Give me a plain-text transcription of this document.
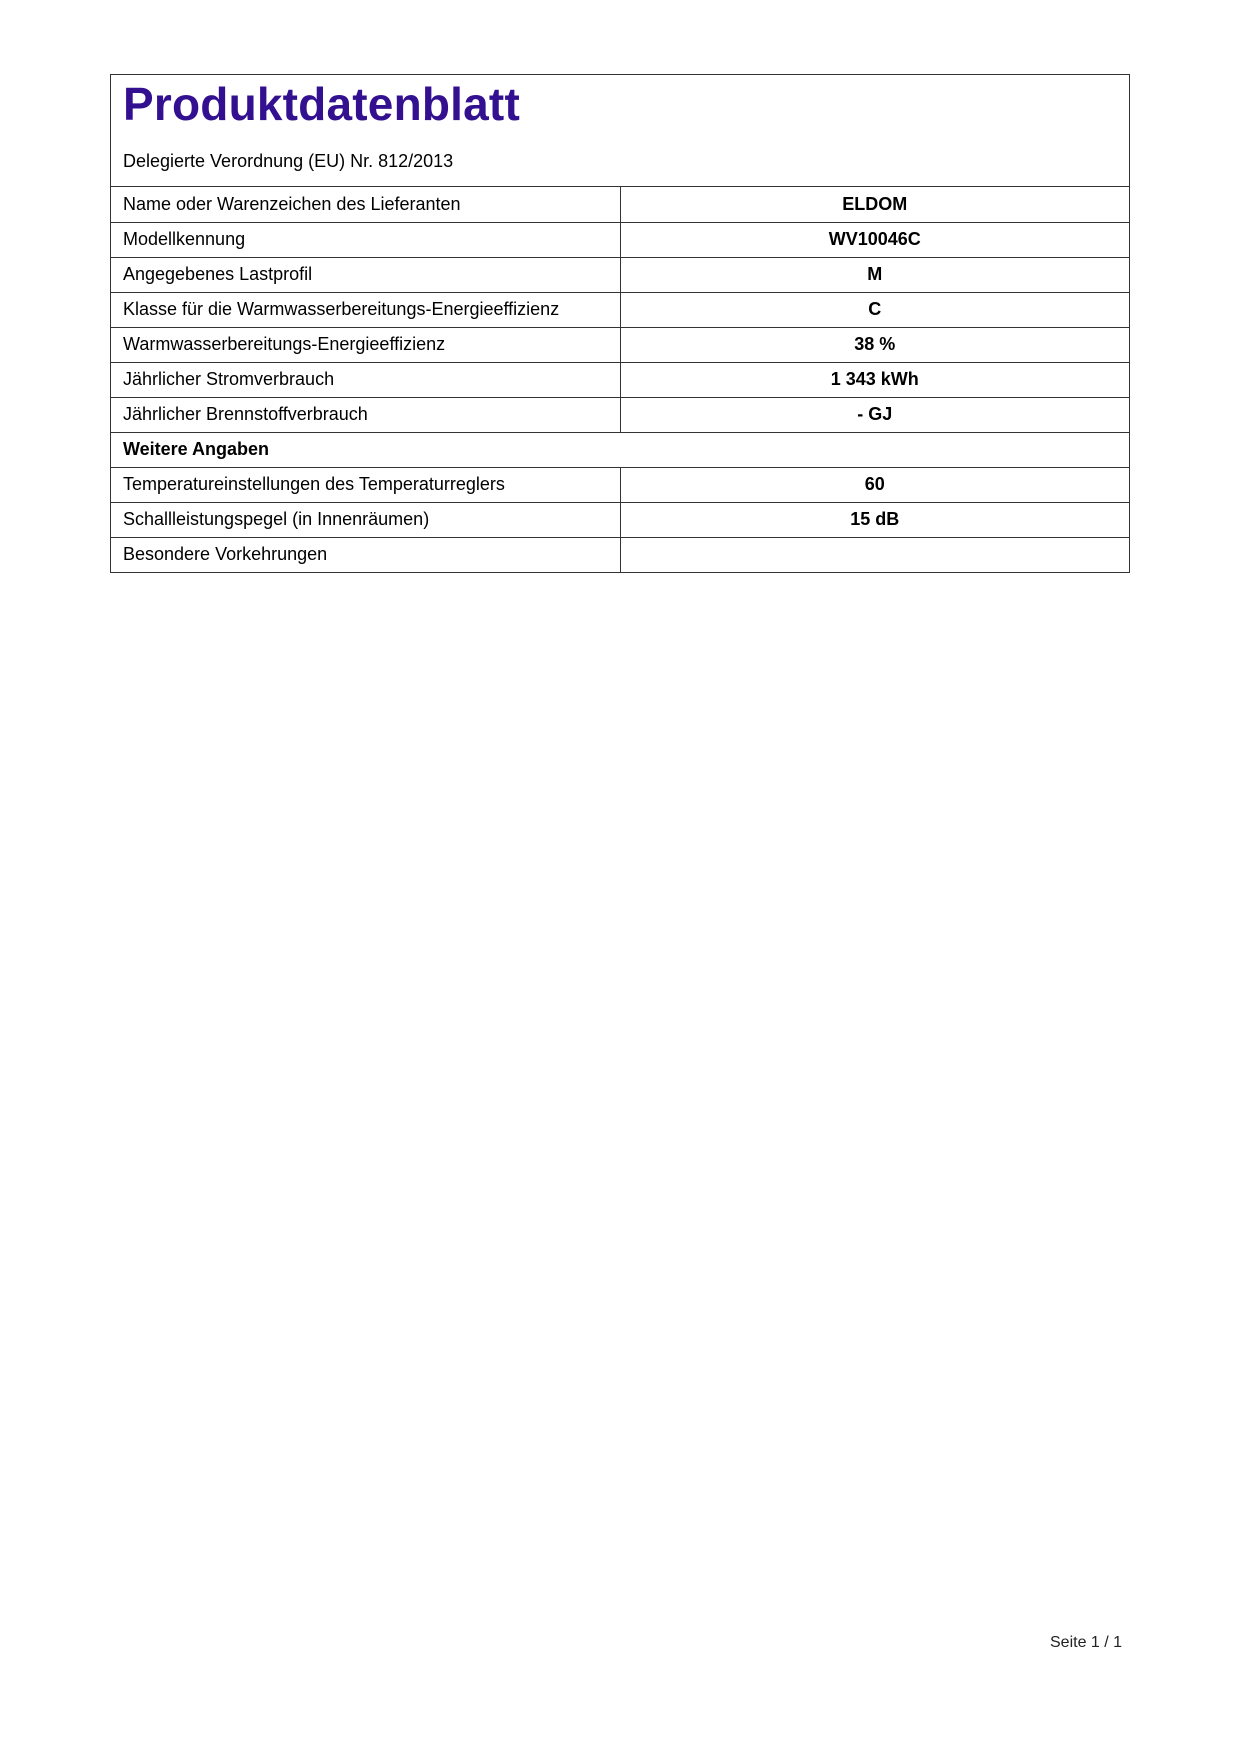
Produktdatenblatt
Delegierte Verordnung (EU) Nr. 812/2013
Name oder Warenzeichen des Lieferanten	ELDOM
Modellkennung	WV10046C
Angegebenes Lastprofil	M
Klasse für die Warmwasserbereitungs-Energieeffizienz	C
Warmwasserbereitungs-Energieeffizienz	38 %
Jährlicher Stromverbrauch	1 343 kWh
Jährlicher Brennstoffverbrauch	- GJ
Weitere Angaben	
Temperatureinstellungen des Temperaturreglers	60
Schallleistungspegel (in Innenräumen)	15 dB
Besondere Vorkehrungen	
Seite 1 / 1
